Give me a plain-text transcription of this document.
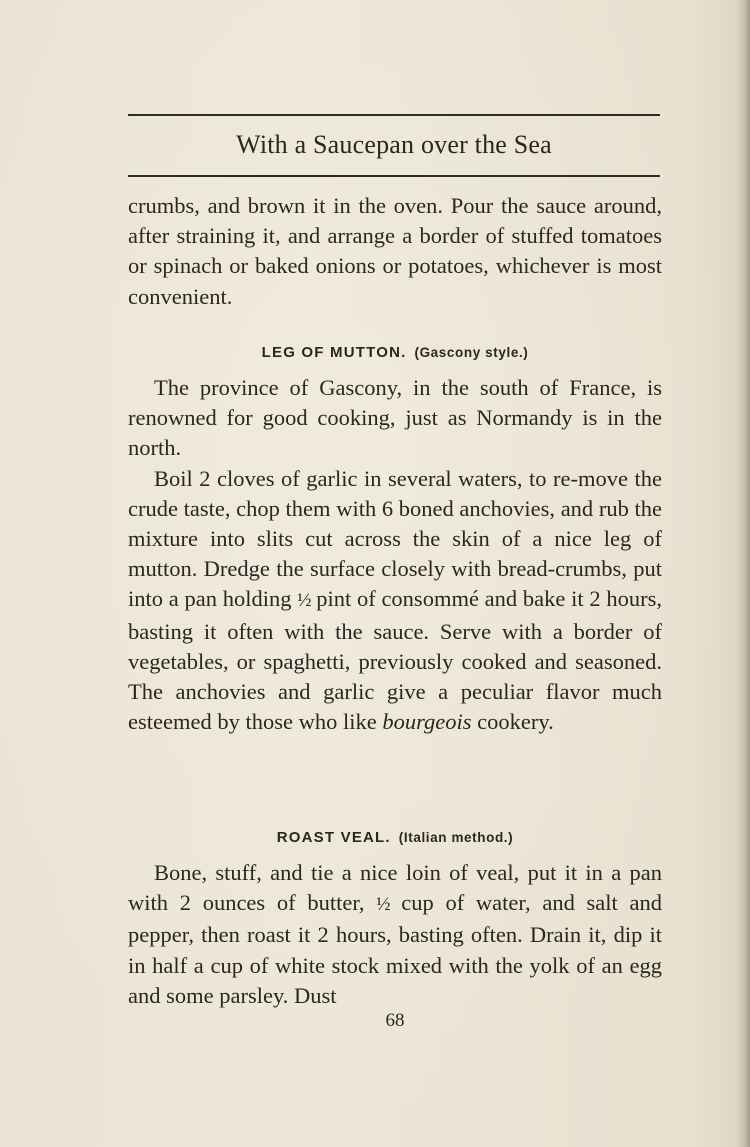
With a Saucepan over the Sea

crumbs, and brown it in the oven. Pour the sauce around, after straining it, and arrange a border of stuffed tomatoes or spinach or baked onions or potatoes, whichever is most convenient.

LEG OF MUTTON. (Gascony style.)

The province of Gascony, in the south of France, is renowned for good cooking, just as Normandy is in the north.

Boil 2 cloves of garlic in several waters, to re-move the crude taste, chop them with 6 boned anchovies, and rub the mixture into slits cut across the skin of a nice leg of mutton. Dredge the surface closely with bread-crumbs, put into a pan holding ½ pint of consommé and bake it 2 hours, basting it often with the sauce. Serve with a border of vegetables, or spaghetti, previously cooked and seasoned. The anchovies and garlic give a peculiar flavor much esteemed by those who like bourgeois cookery.

ROAST VEAL. (Italian method.)

Bone, stuff, and tie a nice loin of veal, put it in a pan with 2 ounces of butter, ½ cup of water, and salt and pepper, then roast it 2 hours, basting often. Drain it, dip it in half a cup of white stock mixed with the yolk of an egg and some parsley. Dust

68
